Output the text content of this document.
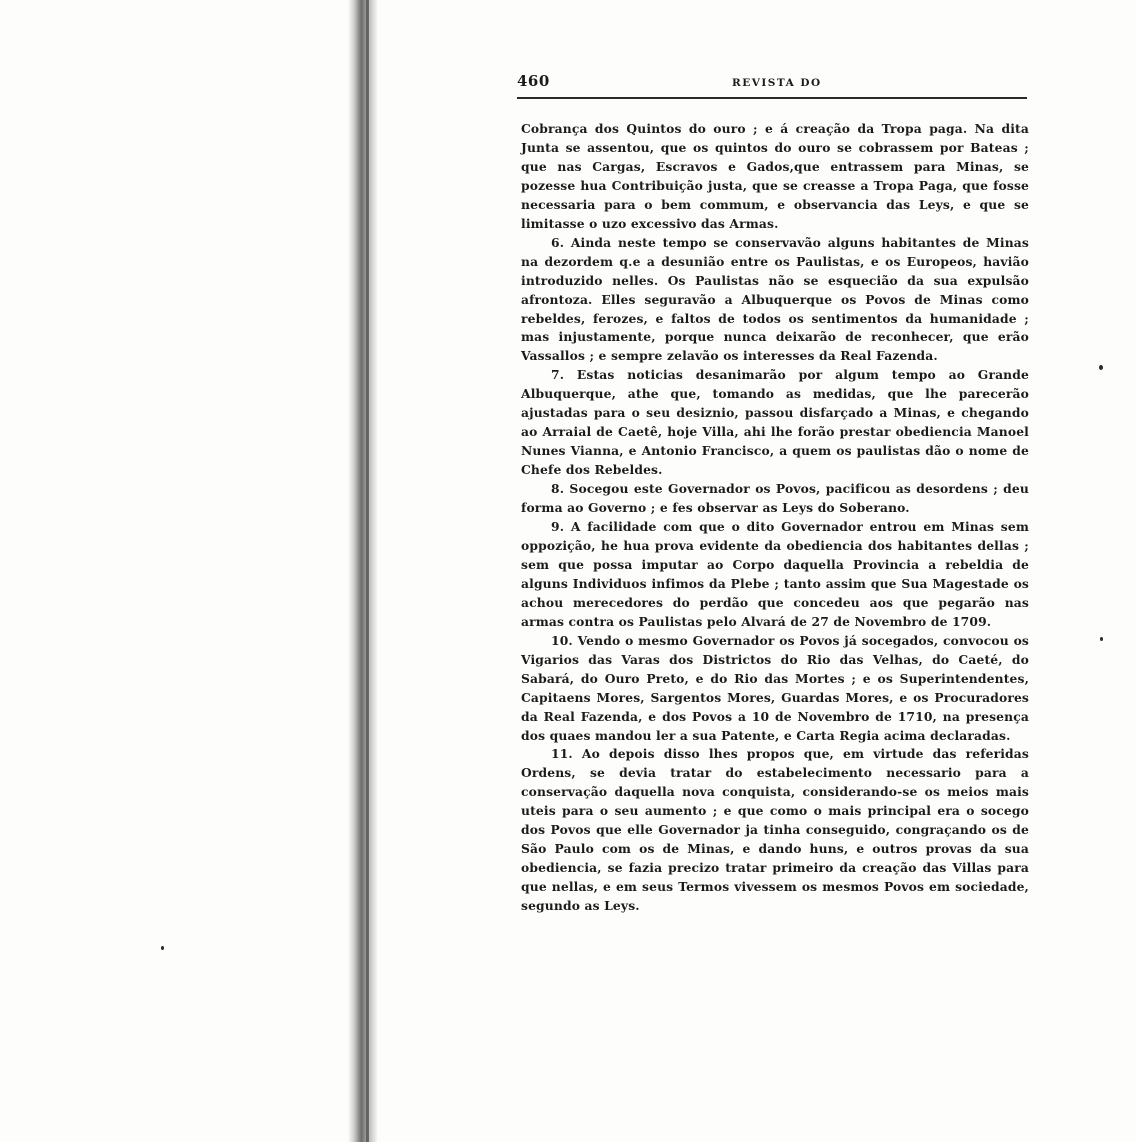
460	REVISTA DO

Cobrança dos Quintos do ouro ; e á creação da Tropa paga. Na dita Junta se assentou, que os quintos do ouro se cobrassem por Bateas ; que nas Cargas, Escravos e Gados,que entrassem para Minas, se pozesse hua Contribuição justa, que se creasse a Tropa Paga, que fosse necessaria para o bem commum, e observancia das Leys, e que se limitasse o uzo excessivo das Armas.

6. Ainda neste tempo se conservavão alguns habitantes de Minas na dezordem q.e a desunião entre os Paulistas, e os Europeos, havião introduzido nelles. Os Paulistas não se esquecião da sua expulsão afrontoza. Elles seguravão a Albuquerque os Povos de Minas como rebeldes, ferozes, e faltos de todos os sentimentos da humanidade ; mas injustamente, porque nunca deixarão de reconhecer, que erão Vassallos ; e sempre zelavão os interesses da Real Fazenda.

7. Estas noticias desanimarão por algum tempo ao Grande Albuquerque, athe que, tomando as medidas, que lhe parecerão ajustadas para o seu desiznio, passou disfarçado a Minas, e chegando ao Arraial de Caetê, hoje Villa, ahi lhe forão prestar obediencia Manoel Nunes Vianna, e Antonio Francisco, a quem os paulistas dão o nome de Chefe dos Rebeldes.

8. Socegou este Governador os Povos, pacificou as desordens ; deu forma ao Governo ; e fes observar as Leys do Soberano.

9. A facilidade com que o dito Governador entrou em Minas sem oppozição, he hua prova evidente da obediencia dos habitantes dellas ; sem que possa imputar ao Corpo daquella Provincia a rebeldia de alguns Individuos infimos da Plebe ; tanto assim que Sua Magestade os achou merecedores do perdão que concedeu aos que pegarão nas armas contra os Paulistas pelo Alvará de 27 de Novembro de 1709.

10. Vendo o mesmo Governador os Povos já socegados, convocou os Vigarios das Varas dos Districtos do Rio das Velhas, do Caeté, do Sabará, do Ouro Preto, e do Rio das Mortes ; e os Superintendentes, Capitaens Mores, Sargentos Mores, Guardas Mores, e os Procuradores da Real Fazenda, e dos Povos a 10 de Novembro de 1710, na presença dos quaes mandou ler a sua Patente, e Carta Regia acima declaradas.

11. Ao depois disso lhes propos que, em virtude das referidas Ordens, se devia tratar do estabelecimento necessario para a conservação daquella nova conquista, considerando-se os meios mais uteis para o seu aumento ; e que como o mais principal era o socego dos Povos que elle Governador ja tinha conseguido, congraçando os de São Paulo com os de Minas, e dando huns, e outros provas da sua obediencia, se fazia precizo tratar primeiro da creação das Villas para que nellas, e em seus Termos vivessem os mesmos Povos em sociedade, segundo as Leys.
